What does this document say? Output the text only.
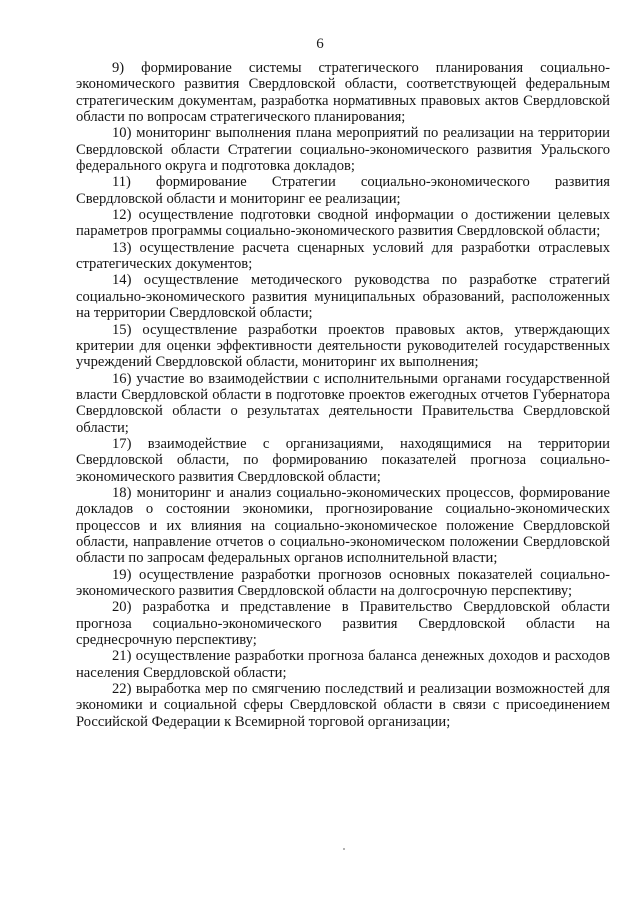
6

9) формирование системы стратегического планирования социально-экономического развития Свердловской области, соответствующей федеральным стратегическим документам, разработка нормативных правовых актов Свердловской области по вопросам стратегического планирования;

10) мониторинг выполнения плана мероприятий по реализации на территории Свердловской области Стратегии социально-экономического развития Уральского федерального округа и подготовка докладов;

11) формирование Стратегии социально-экономического развития Свердловской области и мониторинг ее реализации;

12) осуществление подготовки сводной информации о достижении целевых параметров программы социально-экономического развития Свердловской области;

13) осуществление расчета сценарных условий для разработки отраслевых стратегических документов;

14) осуществление методического руководства по разработке стратегий социально-экономического развития муниципальных образований, расположенных на территории Свердловской области;

15) осуществление разработки проектов правовых актов, утверждающих критерии для оценки эффективности деятельности руководителей государственных учреждений Свердловской области, мониторинг их выполнения;

16) участие во взаимодействии с исполнительными органами государственной власти Свердловской области в подготовке проектов ежегодных отчетов Губернатора Свердловской области о результатах деятельности Правительства Свердловской области;

17) взаимодействие с организациями, находящимися на территории Свердловской области, по формированию показателей прогноза социально-экономического развития Свердловской области;

18) мониторинг и анализ социально-экономических процессов, формирование докладов о состоянии экономики, прогнозирование социально-экономических процессов и их влияния на социально-экономическое положение Свердловской области, направление отчетов о социально-экономическом положении Свердловской области по запросам федеральных органов исполнительной власти;

19) осуществление разработки прогнозов основных показателей социально-экономического развития Свердловской области на долгосрочную перспективу;

20) разработка и представление в Правительство Свердловской области прогноза социально-экономического развития Свердловской области на среднесрочную перспективу;

21) осуществление разработки прогноза баланса денежных доходов и расходов населения Свердловской области;

22) выработка мер по смягчению последствий и реализации возможностей для экономики и социальной сферы Свердловской области в связи с присоединением Российской Федерации к Всемирной торговой организации;
